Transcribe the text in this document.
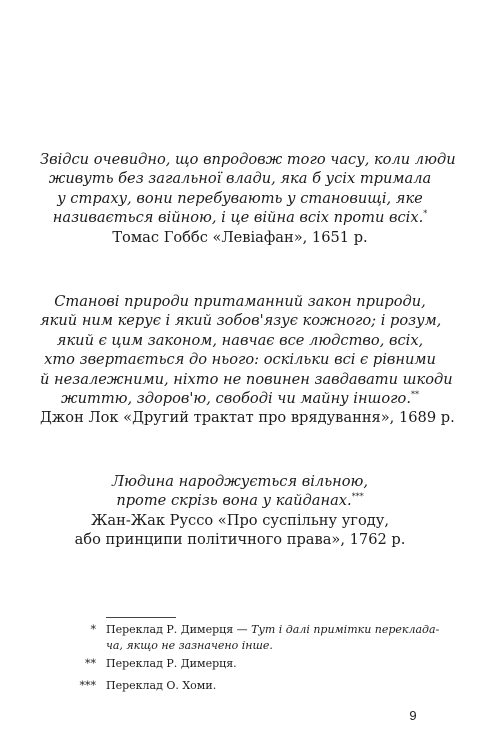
Звідси очевидно, що впродовж того часу, коли люди
живуть без загальної влади, яка б усіх тримала
у страху, вони перебувають у становищі, яке
називається війною, і це війна всіх проти всіх.*
Томас Гоббс «Левіафан», 1651 р.
Станові природи притаманний закон природи,
який ним керує і який зобов'язує кожного; і розум,
який є цим законом, навчає все людство, всіх,
хто звертається до нього: оскільки всі є рівними
й незалежними, ніхто не повинен завдавати шкоди
життю, здоров'ю, свободі чи майну іншого.**
Джон Лок «Другий трактат про врядування», 1689 р.
Людина народжується вільною,
проте скрізь вона у кайданах.***
Жан-Жак Руссо «Про суспільну угоду,
або принципи політичного права», 1762 р.
* Переклад Р. Димерця — Тут і далі примітки переклада-
ча, якщо не зазначено інше.
** Переклад Р. Димерця.
*** Переклад О. Хоми.
9
